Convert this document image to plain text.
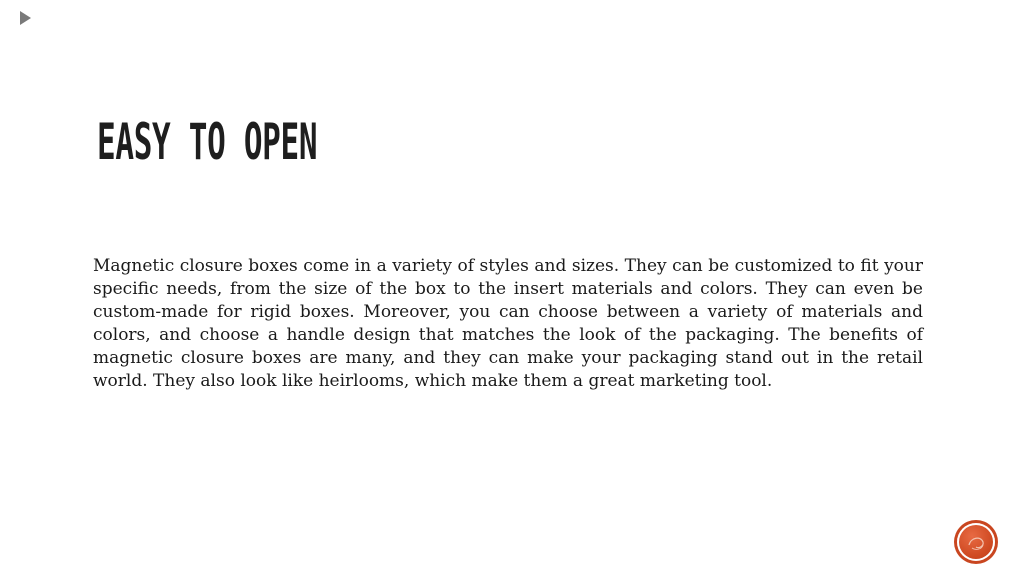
EASY TO OPEN

Magnetic closure boxes come in a variety of styles and sizes. They can be customized to fit your specific needs, from the size of the box to the insert materials and colors. They can even be custom-made for rigid boxes. Moreover, you can choose between a variety of materials and colors, and choose a handle design that matches the look of the packaging. The benefits of magnetic closure boxes are many, and they can make your packaging stand out in the retail world. They also look like heirlooms, which make them a great marketing tool.
